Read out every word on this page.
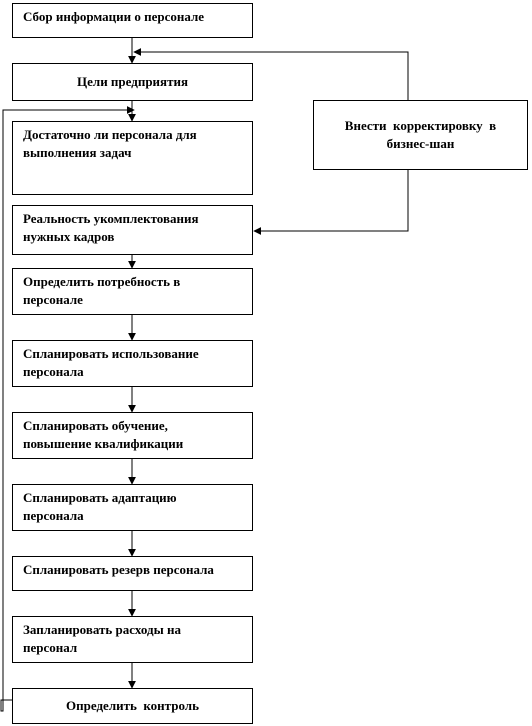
Сбор информации о персонале
Цели предприятия
Достаточно ли персонала для выполнения задач
Реальность укомплектования нужных кадров
Определить потребность в персонале
Спланировать использование персонала
Спланировать обучение, повышение квалификации
Спланировать адаптацию персонала
Спланировать резерв персонала
Запланировать расходы на персонал
Определить  контроль
Внести  корректировку  в бизнес-шан
